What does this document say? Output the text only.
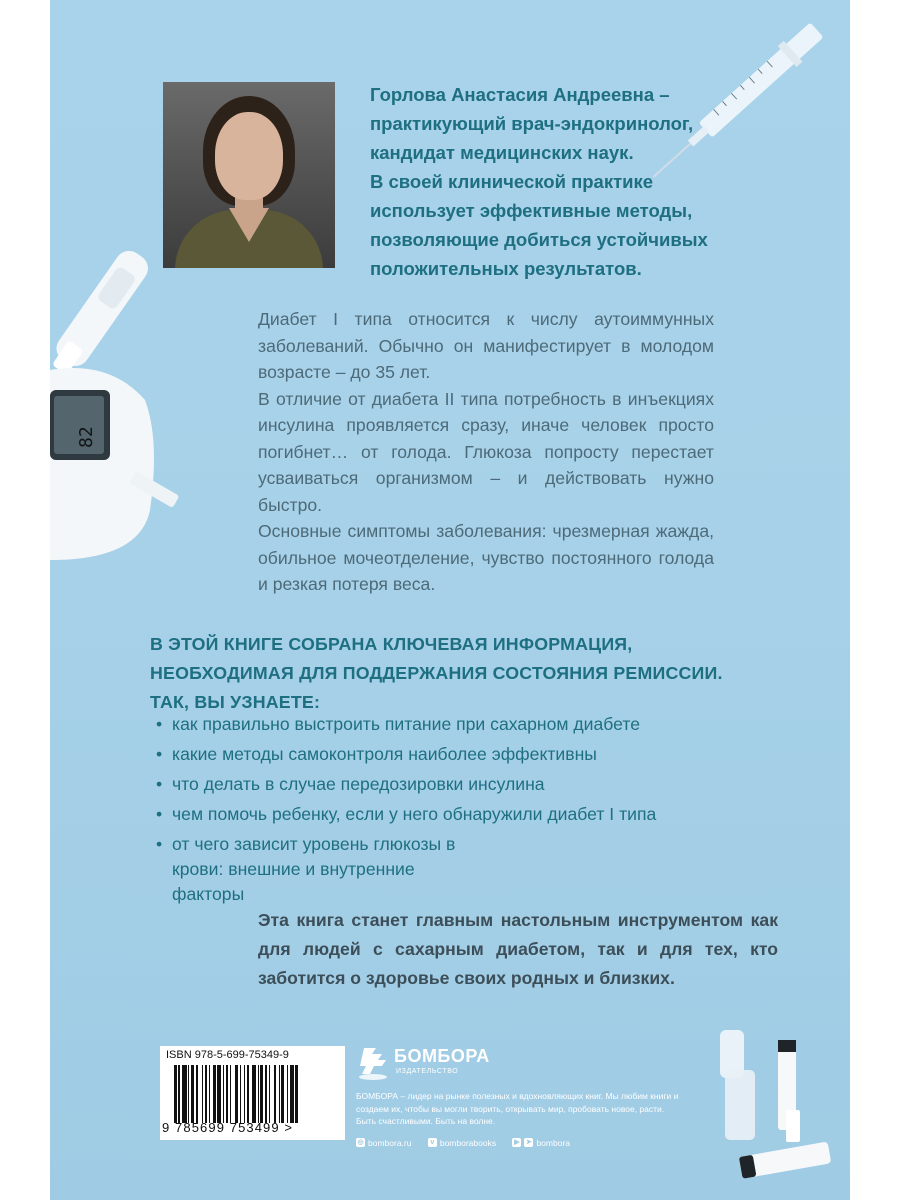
82
Горлова Анастасия Андреевна –
практикующий врач-эндокринолог,
кандидат медицинских наук.
В своей клинической практике
использует эффективные методы,
позволяющие добиться устойчивых
положительных результатов.

Диабет I типа относится к числу аутоиммунных заболеваний. Обычно он манифестирует в молодом возрасте – до 35 лет.

В отличие от диабета II типа потребность в инъекциях инсулина проявляется сразу, иначе человек просто погибнет… от голода. Глюкоза попросту перестает усваиваться организмом – и действовать нужно быстро.

Основные симптомы заболевания: чрезмерная жажда, обильное мочеотделение, чувство постоянного голода и резкая потеря веса.

В ЭТОЙ КНИГЕ СОБРАНА КЛЮЧЕВАЯ ИНФОРМАЦИЯ,
НЕОБХОДИМАЯ ДЛЯ ПОДДЕРЖАНИЯ СОСТОЯНИЯ РЕМИССИИ.
ТАК, ВЫ УЗНАЕТЕ:
• как правильно выстроить питание при сахарном диабете
• какие методы самоконтроля наиболее эффективны
• что делать в случае передозировки инсулина
• чем помочь ребенку, если у него обнаружили диабет I типа
• от чего зависит уровень глюкозы в крови: внешние и внутренние факторы
Эта книга станет главным настольным инструментом как для людей с сахарным диабетом, так и для тех, кто заботится о здоровье своих родных и близких.
ISBN 978-5-699-75349-9
9 785699 753499 >
БОМБОРА
ИЗДАТЕЛЬСТВО
БОМБОРА – лидер на рынке полезных и вдохновляющих книг. Мы любим книги и создаем их, чтобы вы могли творить, открывать мир, пробовать новое, расти. Быть счастливыми. Быть на волне.
◎ bombora.ru
	v bomborabooks
	▶ ➤ bombora
